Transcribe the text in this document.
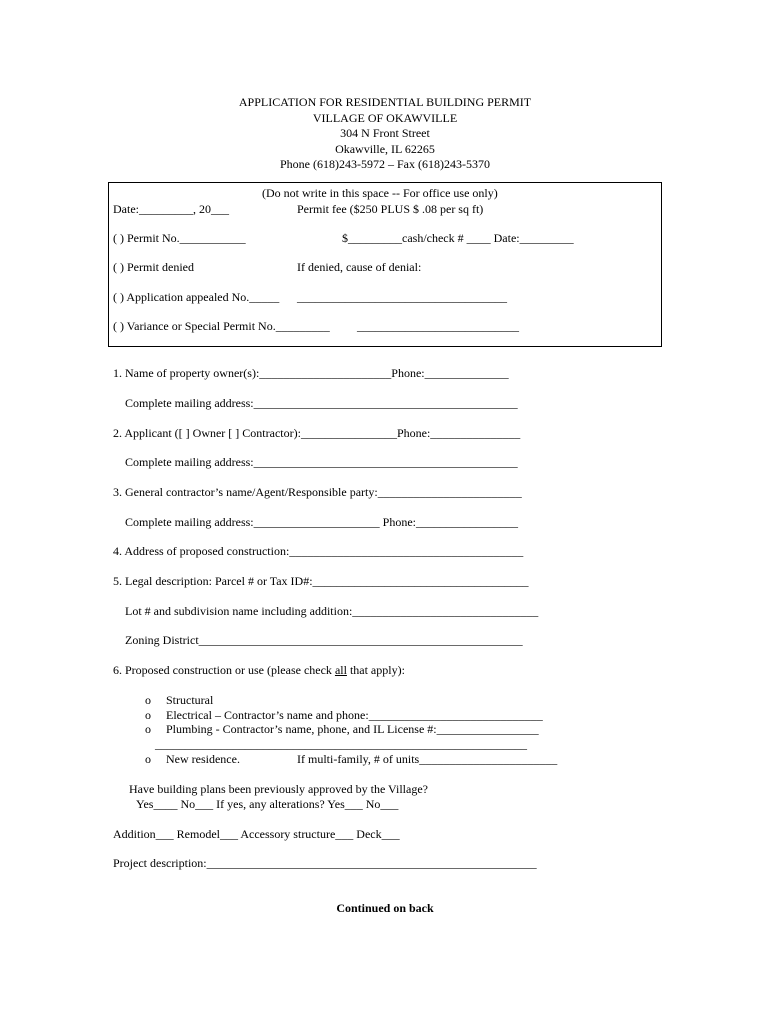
APPLICATION FOR RESIDENTIAL BUILDING PERMIT
VILLAGE OF OKAWVILLE
304 N Front Street
Okawville, IL 62265
Phone (618)243-5972 – Fax (618)243-5370
(Do not write in this space -- For office use only)
Date:_________, 20___	Permit fee ($250 PLUS $ .08 per sq ft)
( ) Permit No.___________	$_________cash/check # ____ Date:_________
( ) Permit denied	If denied, cause of denial:
( ) Application appealed No._____ ___________________________________
( ) Variance or Special Permit No._________ ___________________________
1. Name of property owner(s):______________________Phone:______________
Complete mailing address:____________________________________________
2. Applicant ([ ] Owner [ ] Contractor):________________Phone:_______________
Complete mailing address:____________________________________________
3. General contractor’s name/Agent/Responsible party:________________________
Complete mailing address:_____________________ Phone:_________________
4. Address of proposed construction:_______________________________________
5. Legal description: Parcel # or Tax ID#:____________________________________
Lot # and subdivision name including addition:_______________________________
Zoning District______________________________________________________
6. Proposed construction or use (please check all that apply):
o Structural
o Electrical – Contractor’s name and phone:_____________________________
o Plumbing - Contractor’s name, phone, and IL License #:_________________
______________________________________________________________
o New residence.	If multi-family, # of units_______________________
Have building plans been previously approved by the Village?
Yes____ No___ If yes, any alterations? Yes___ No___
Addition___ Remodel___ Accessory structure___ Deck___
Project description:_______________________________________________________
Continued on back
